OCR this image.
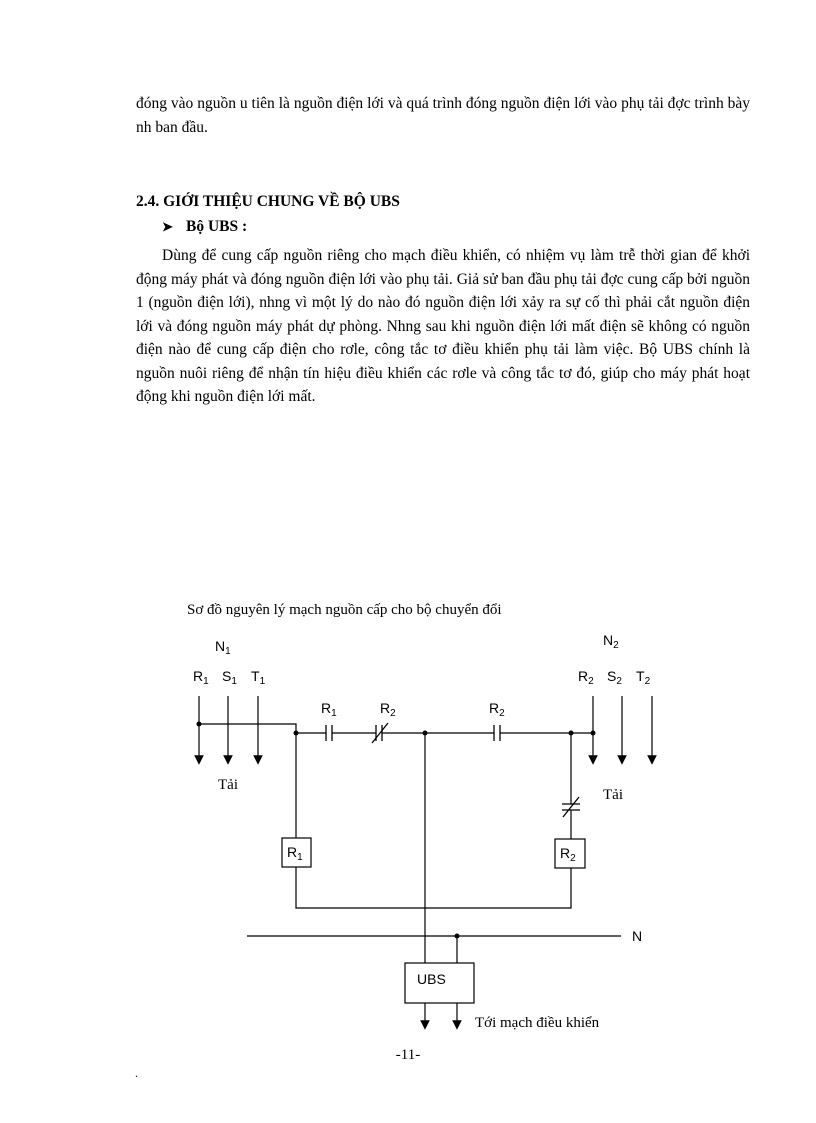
đóng vào nguồn u tiên là nguồn điện lới và quá trình đóng nguồn điện lới vào phụ tải đợc trình bày nh ban đầu.

2.4. GIỚI THIỆU CHUNG VỀ BỘ UBS

➤ Bộ UBS :

Dùng để cung cấp nguồn riêng cho mạch điều khiển, có nhiệm vụ làm trễ thời gian để khởi động máy phát và đóng nguồn điện lới vào phụ tải. Giả sử ban đầu phụ tải đợc cung cấp bởi nguồn 1 (nguồn điện lới), nhng vì một lý do nào đó nguồn điện lới xảy ra sự cố thì phải cắt nguồn điện lới và đóng nguồn máy phát dự phòng. Nhng sau khi nguồn điện lới mất điện sẽ không có nguồn điện nào để cung cấp điện cho rơle, công tắc tơ điều khiển phụ tải làm việc. Bộ UBS chính là nguồn nuôi riêng để nhận tín hiệu điều khiển các rơle và công tắc tơ đó, giúp cho máy phát hoạt động khi nguồn điện lới mất.

Sơ đồ nguyên lý mạch nguồn cấp cho bộ chuyển đổi
$N_1$
$R_1$ $S_1$ $T_1$
$N_2$
$R_2$ $S_2$ $T_2$
$R_1$	$R_2$	$R_2$
Tải
Tải
$R_1$	$R_2$
N
UBS
Tới mạch điều khiển

-11-

.
